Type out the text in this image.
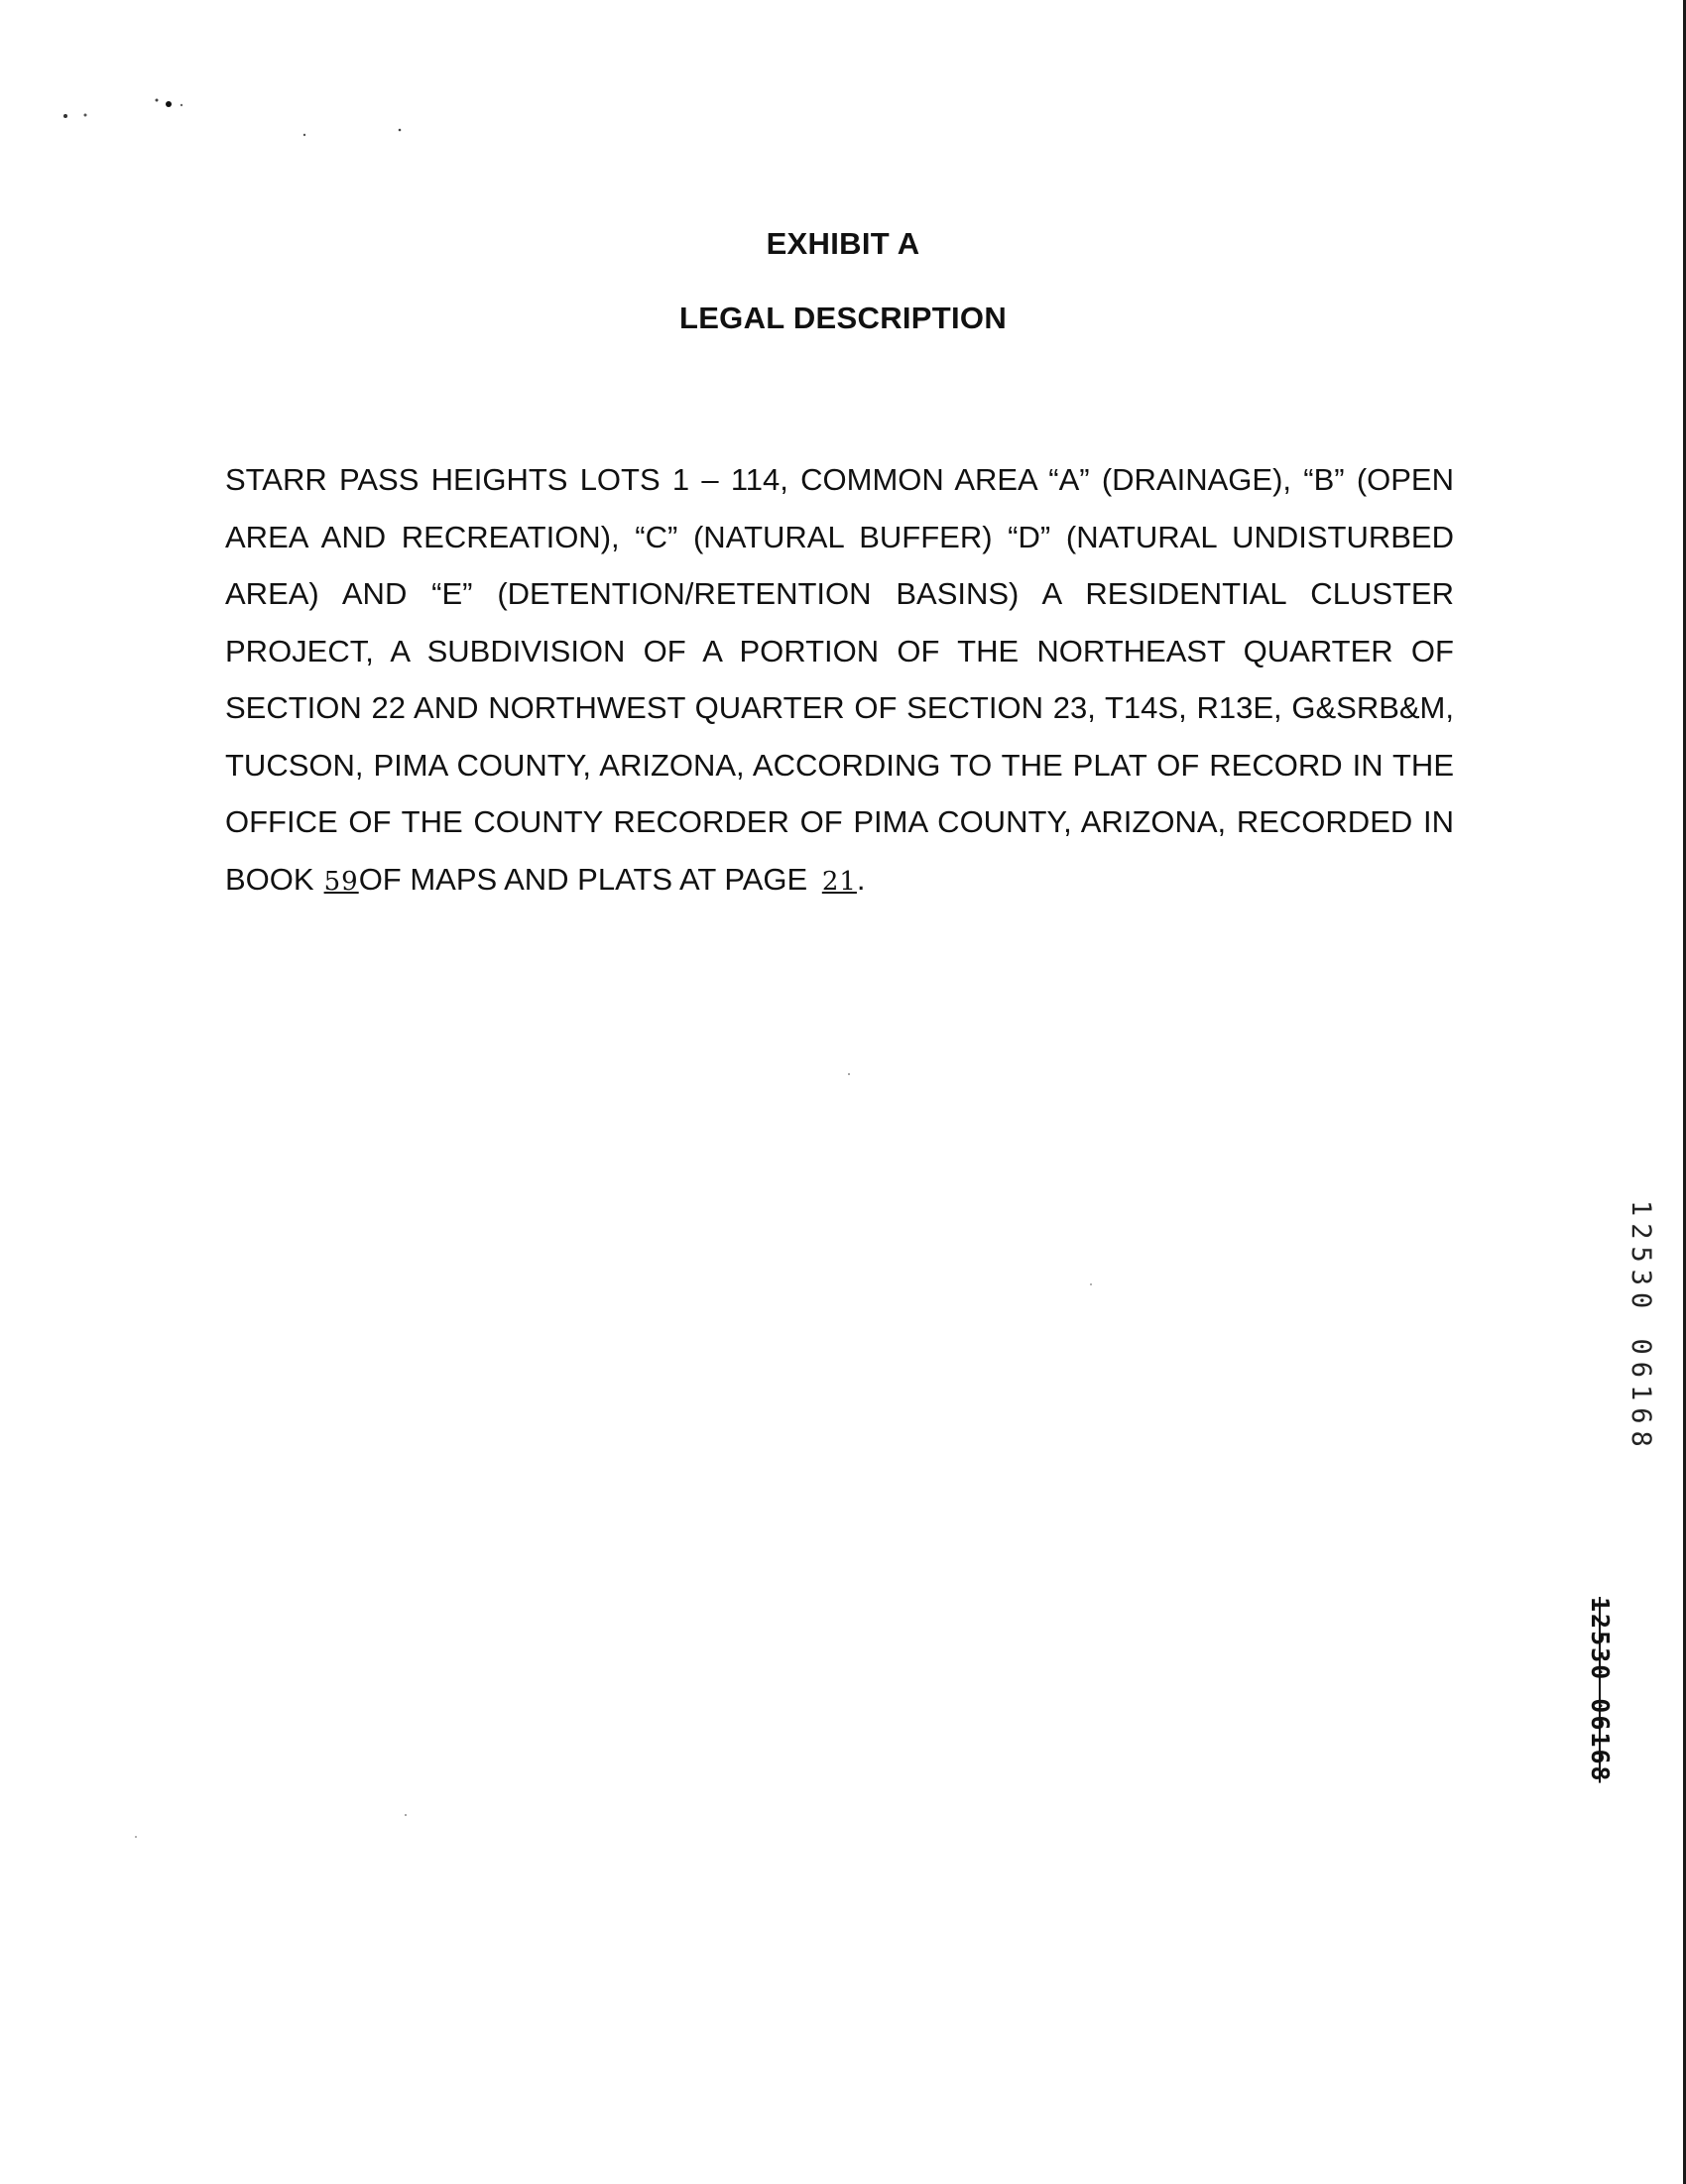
EXHIBIT A
LEGAL DESCRIPTION
STARR PASS HEIGHTS LOTS 1 – 114, COMMON AREA “A” (DRAINAGE), “B” (OPEN AREA AND RECREATION), “C” (NATURAL BUFFER) “D” (NATURAL UNDISTURBED AREA) AND “E” (DETENTION/RETENTION BASINS) A RESIDENTIAL CLUSTER PROJECT, A SUBDIVISION OF A PORTION OF THE NORTHEAST QUARTER OF SECTION 22 AND NORTHWEST QUARTER OF SECTION 23, T14S, R13E, G&SRB&M, TUCSON, PIMA COUNTY, ARIZONA, ACCORDING TO THE PLAT OF RECORD IN THE OFFICE OF THE COUNTY RECORDER OF PIMA COUNTY, ARIZONA, RECORDED IN BOOK 59OF MAPS AND PLATS AT PAGE 21.
12530 06168
12530 06168
